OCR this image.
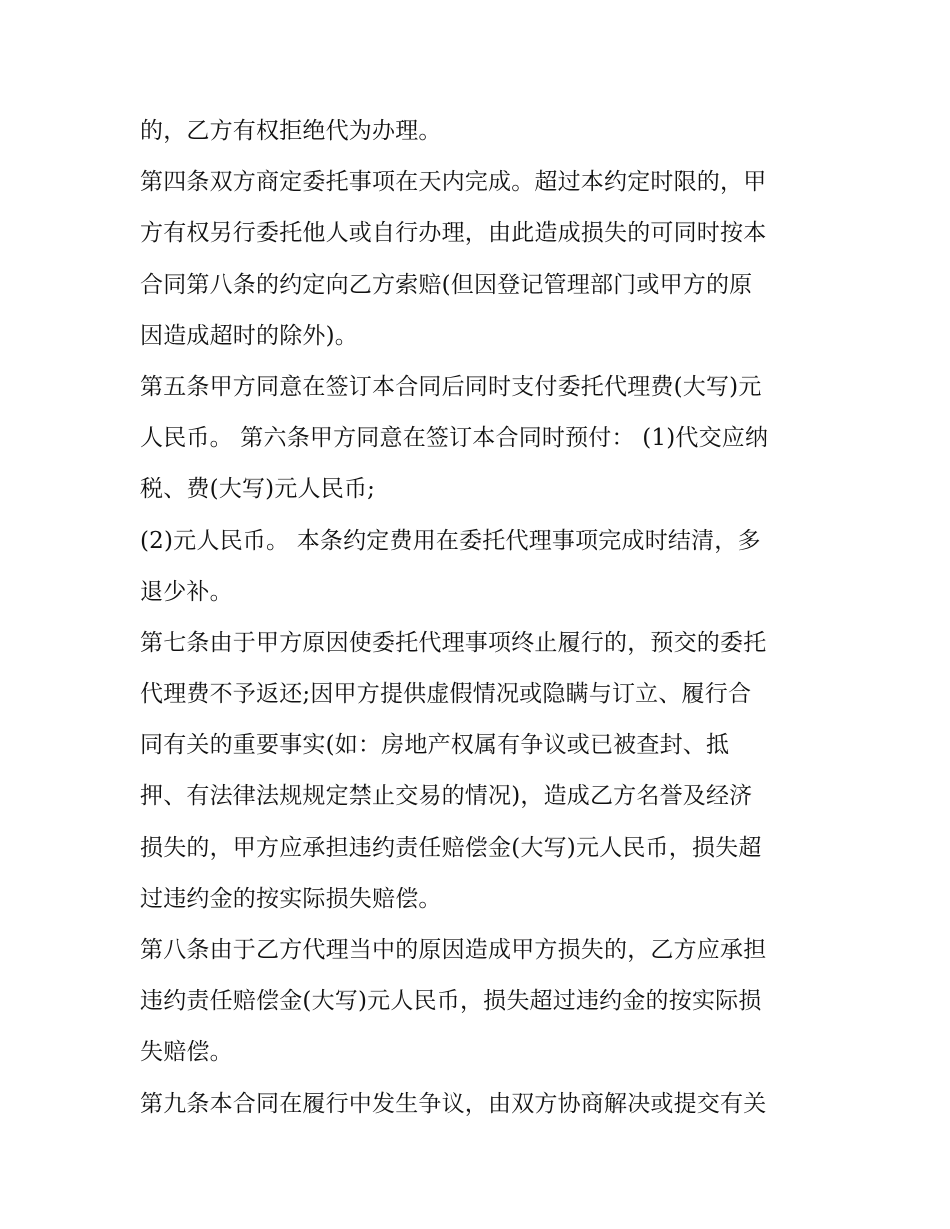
的，乙方有权拒绝代为办理。
第四条双方商定委托事项在天内完成。超过本约定时限的，甲
方有权另行委托他人或自行办理，由此造成损失的可同时按本
合同第八条的约定向乙方索赔(但因登记管理部门或甲方的原
因造成超时的除外)。
第五条甲方同意在签订本合同后同时支付委托代理费(大写)元
人民币。 第六条甲方同意在签订本合同时预付： (1)代交应纳
税、费(大写)元人民币;
(2)元人民币。 本条约定费用在委托代理事项完成时结清，多
退少补。
第七条由于甲方原因使委托代理事项终止履行的，预交的委托
代理费不予返还;因甲方提供虚假情况或隐瞒与订立、履行合
同有关的重要事实(如：房地产权属有争议或已被查封、抵
押、有法律法规规定禁止交易的情况)，造成乙方名誉及经济
损失的，甲方应承担违约责任赔偿金(大写)元人民币，损失超
过违约金的按实际损失赔偿。
第八条由于乙方代理当中的原因造成甲方损失的，乙方应承担
违约责任赔偿金(大写)元人民币，损失超过违约金的按实际损
失赔偿。
第九条本合同在履行中发生争议，由双方协商解决或提交有关
